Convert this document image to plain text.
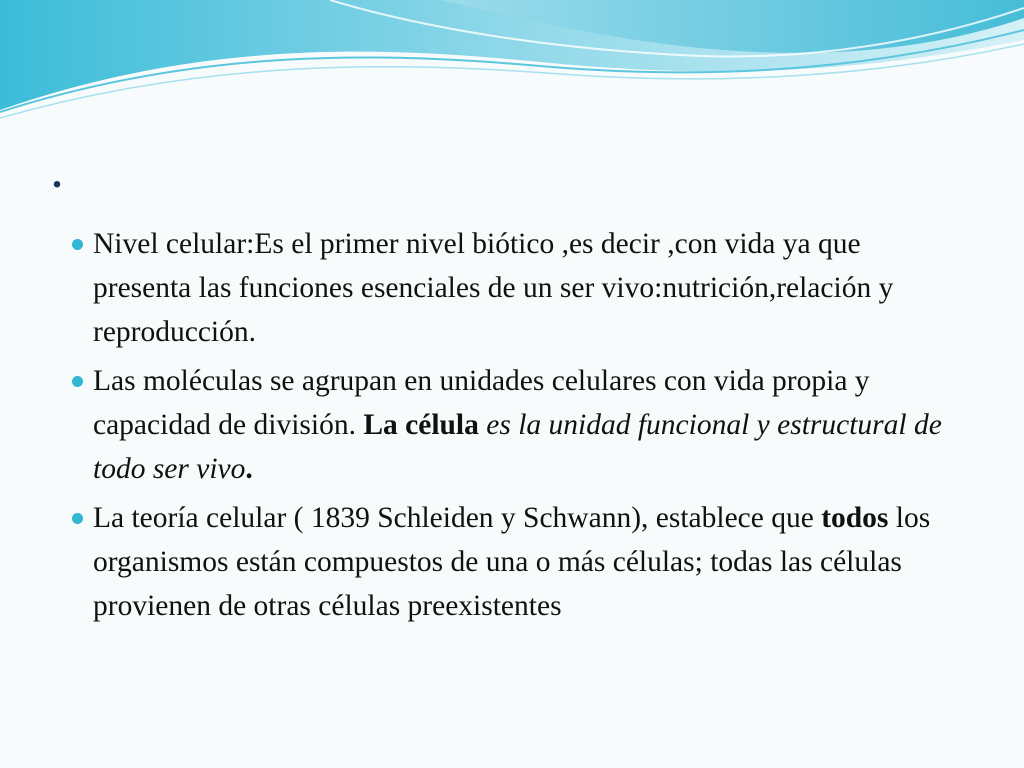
.
Nivel celular:Es el primer nivel biótico ,es decir ,con vida ya que presenta las funciones esenciales de un ser vivo:nutrición,relación y reproducción.
Las moléculas se agrupan en unidades celulares con vida propia y capacidad de división. La célula es la unidad funcional y estructural de todo ser vivo.
La teoría celular ( 1839 Schleiden y Schwann), establece que todos los organismos están compuestos de una o más células; todas las células provienen de otras células preexistentes
